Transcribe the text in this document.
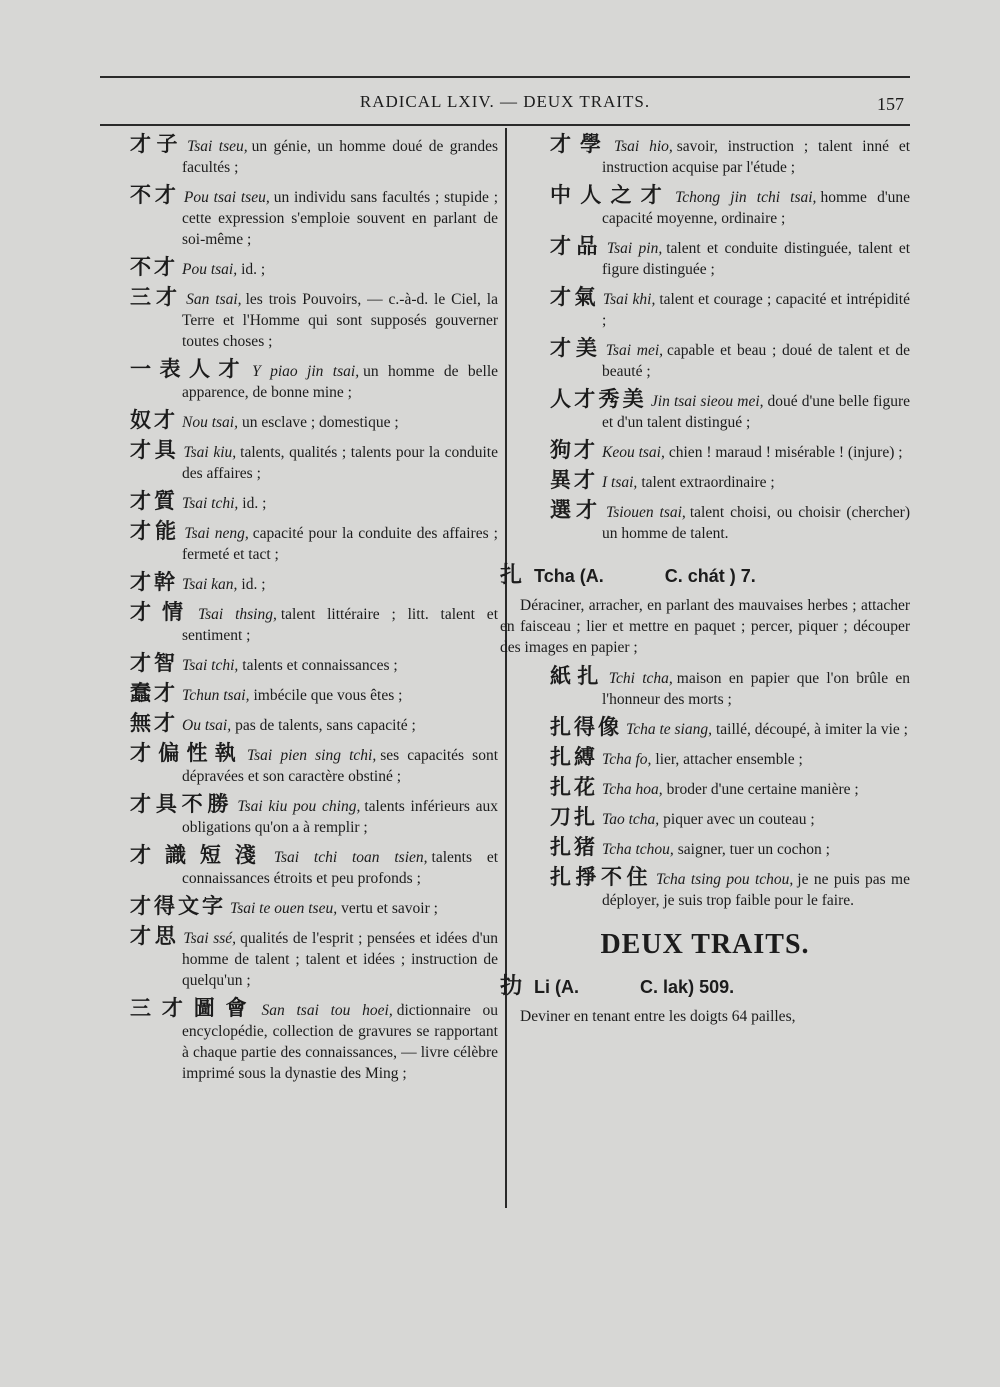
RADICAL LXIV. — DEUX TRAITS.	157
才子 Tsai tseu, un génie, un homme doué de grandes facultés ;
不才 Pou tsai tseu, un individu sans facultés ; stupide ; cette expression s'emploie souvent en parlant de soi-même ;
不才 Pou tsai, id. ;
三才 San tsai, les trois Pouvoirs, — c.-à-d. le Ciel, la Terre et l'Homme qui sont supposés gouverner toutes choses ;
一表人才 Y piao jin tsai, un homme de belle apparence, de bonne mine ;
奴才 Nou tsai, un esclave ; domestique ;
才具 Tsai kiu, talents, qualités ; talents pour la conduite des affaires ;
才質 Tsai tchi, id. ;
才能 Tsai neng, capacité pour la conduite des affaires ; fermeté et tact ;
才幹 Tsai kan, id. ;
才情 Tsai thsing, talent littéraire ; litt. talent et sentiment ;
才智 Tsai tchi, talents et connaissances ;
蠢才 Tchun tsai, imbécile que vous êtes ;
無才 Ou tsai, pas de talents, sans capacité ;
才偏性執 Tsai pien sing tchi, ses capacités sont dépravées et son caractère obstiné ;
才具不勝 Tsai kiu pou ching, talents inférieurs aux obligations qu'on a à remplir ;
才識短淺 Tsai tchi toan tsien, talents et connaissances étroits et peu profonds ;
才得文字 Tsai te ouen tseu, vertu et savoir ;
才思 Tsai ssé, qualités de l'esprit ; pensées et idées d'un homme de talent ; talent et idées ; instruction de quelqu'un ;
三才圖會 San tsai tou hoei, dictionnaire ou encyclopédie, collection de gravures se rapportant à chaque partie des connaissances, — livre célèbre imprimé sous la dynastie des Ming ;
才學 Tsai hio, savoir, instruction ; talent inné et instruction acquise par l'étude ;
中人之才 Tchong jin tchi tsai, homme d'une capacité moyenne, ordinaire ;
才品 Tsai pin, talent et conduite distinguée, talent et figure distinguée ;
才氣 Tsai khi, talent et courage ; capacité et intrépidité ;
才美 Tsai mei, capable et beau ; doué de talent et de beauté ;
人才秀美 Jin tsai sieou mei, doué d'une belle figure et d'un talent distingué ;
狗才 Keou tsai, chien ! maraud ! misérable ! (injure) ;
異才 I tsai, talent extraordinaire ;
選才 Tsiouen tsai, talent choisi, ou choisir (chercher) un homme de talent.
扎 Tcha (A.	C. chát ) 7.
Déraciner, arracher, en parlant des mauvaises herbes ; attacher en faisceau ; lier et mettre en paquet ; percer, piquer ; découper des images en papier ;
紙扎 Tchi tcha, maison en papier que l'on brûle en l'honneur des morts ;
扎得像 Tcha te siang, taillé, découpé, à imiter la vie ;
扎縛 Tcha fo, lier, attacher ensemble ;
扎花 Tcha hoa, broder d'une certaine manière ;
刀扎 Tao tcha, piquer avec un couteau ;
扎猪 Tcha tchou, saigner, tuer un cochon ;
扎掙不住 Tcha tsing pou tchou, je ne puis pas me déployer, je suis trop faible pour le faire.
DEUX TRAITS.
扐 Li (A.	C. lak) 509.
Deviner en tenant entre les doigts 64 pailles,
